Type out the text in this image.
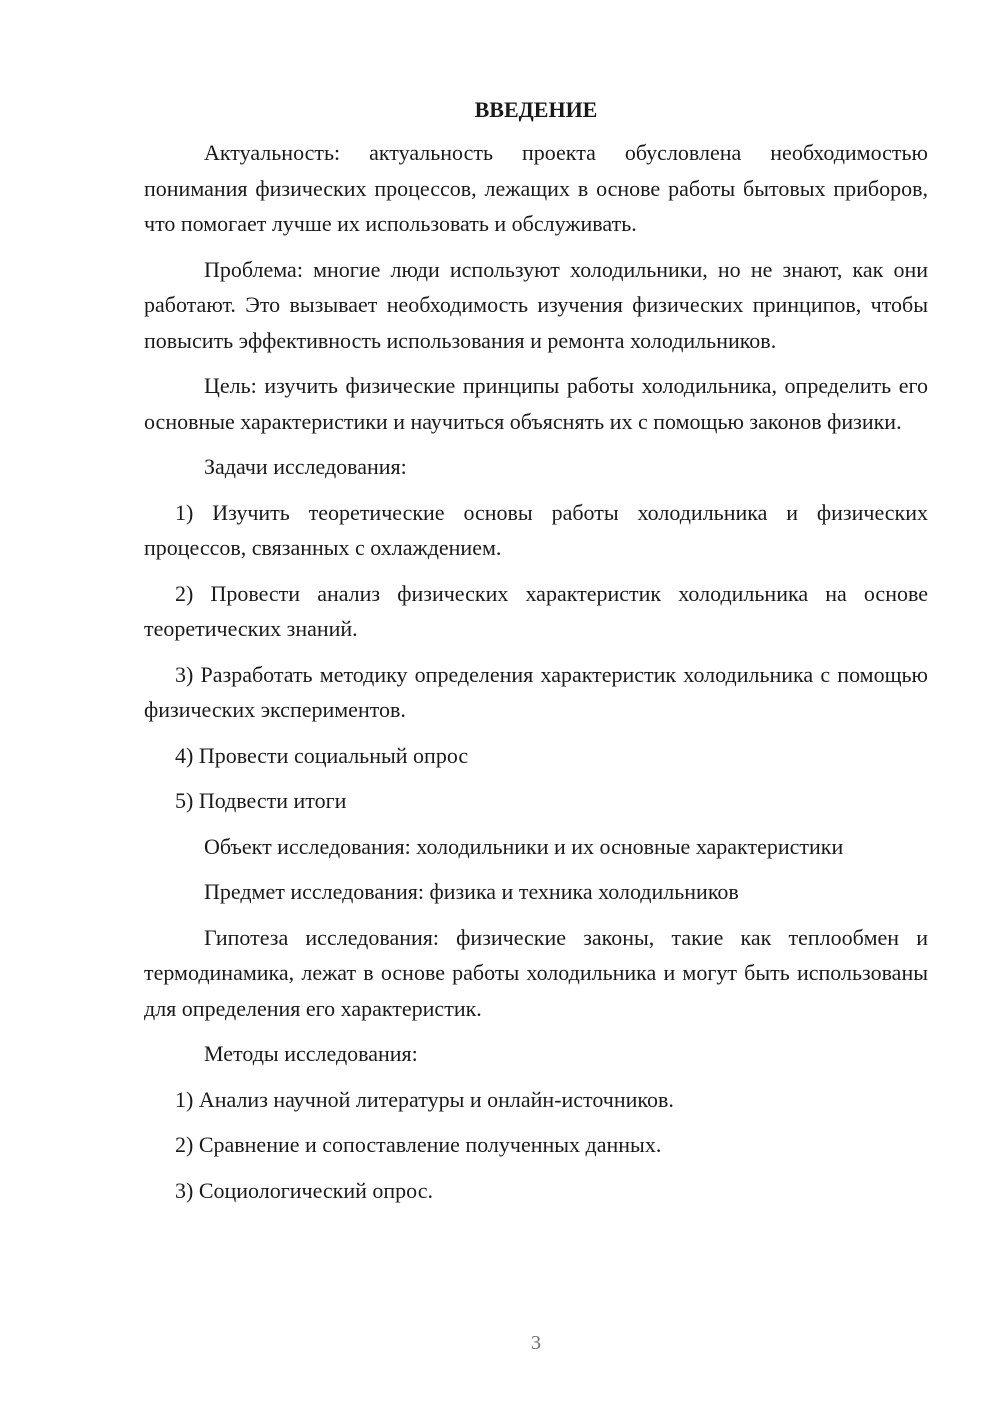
ВВЕДЕНИЕ

Актуальность: актуальность проекта обусловлена необходимостью понимания физических процессов, лежащих в основе работы бытовых приборов, что помогает лучше их использовать и обслуживать.

Проблема: многие люди используют холодильники, но не знают, как они работают. Это вызывает необходимость изучения физических принципов, чтобы повысить эффективность использования и ремонта холодильников.

Цель: изучить физические принципы работы холодильника, определить его основные характеристики и научиться объяснять их с помощью законов физики.

Задачи исследования:

1) Изучить теоретические основы работы холодильника и физических процессов, связанных с охлаждением.

2) Провести анализ физических характеристик холодильника на основе теоретических знаний.

3) Разработать методику определения характеристик холодильника с помощью физических экспериментов.

4) Провести социальный опрос

5) Подвести итоги

Объект исследования: холодильники и их основные характеристики

Предмет исследования: физика и техника холодильников

Гипотеза исследования: физические законы, такие как теплообмен и термодинамика, лежат в основе работы холодильника и могут быть использованы для определения его характеристик.

Методы исследования:

1) Анализ научной литературы и онлайн-источников.

2) Сравнение и сопоставление полученных данных.

3) Социологический опрос.

3
